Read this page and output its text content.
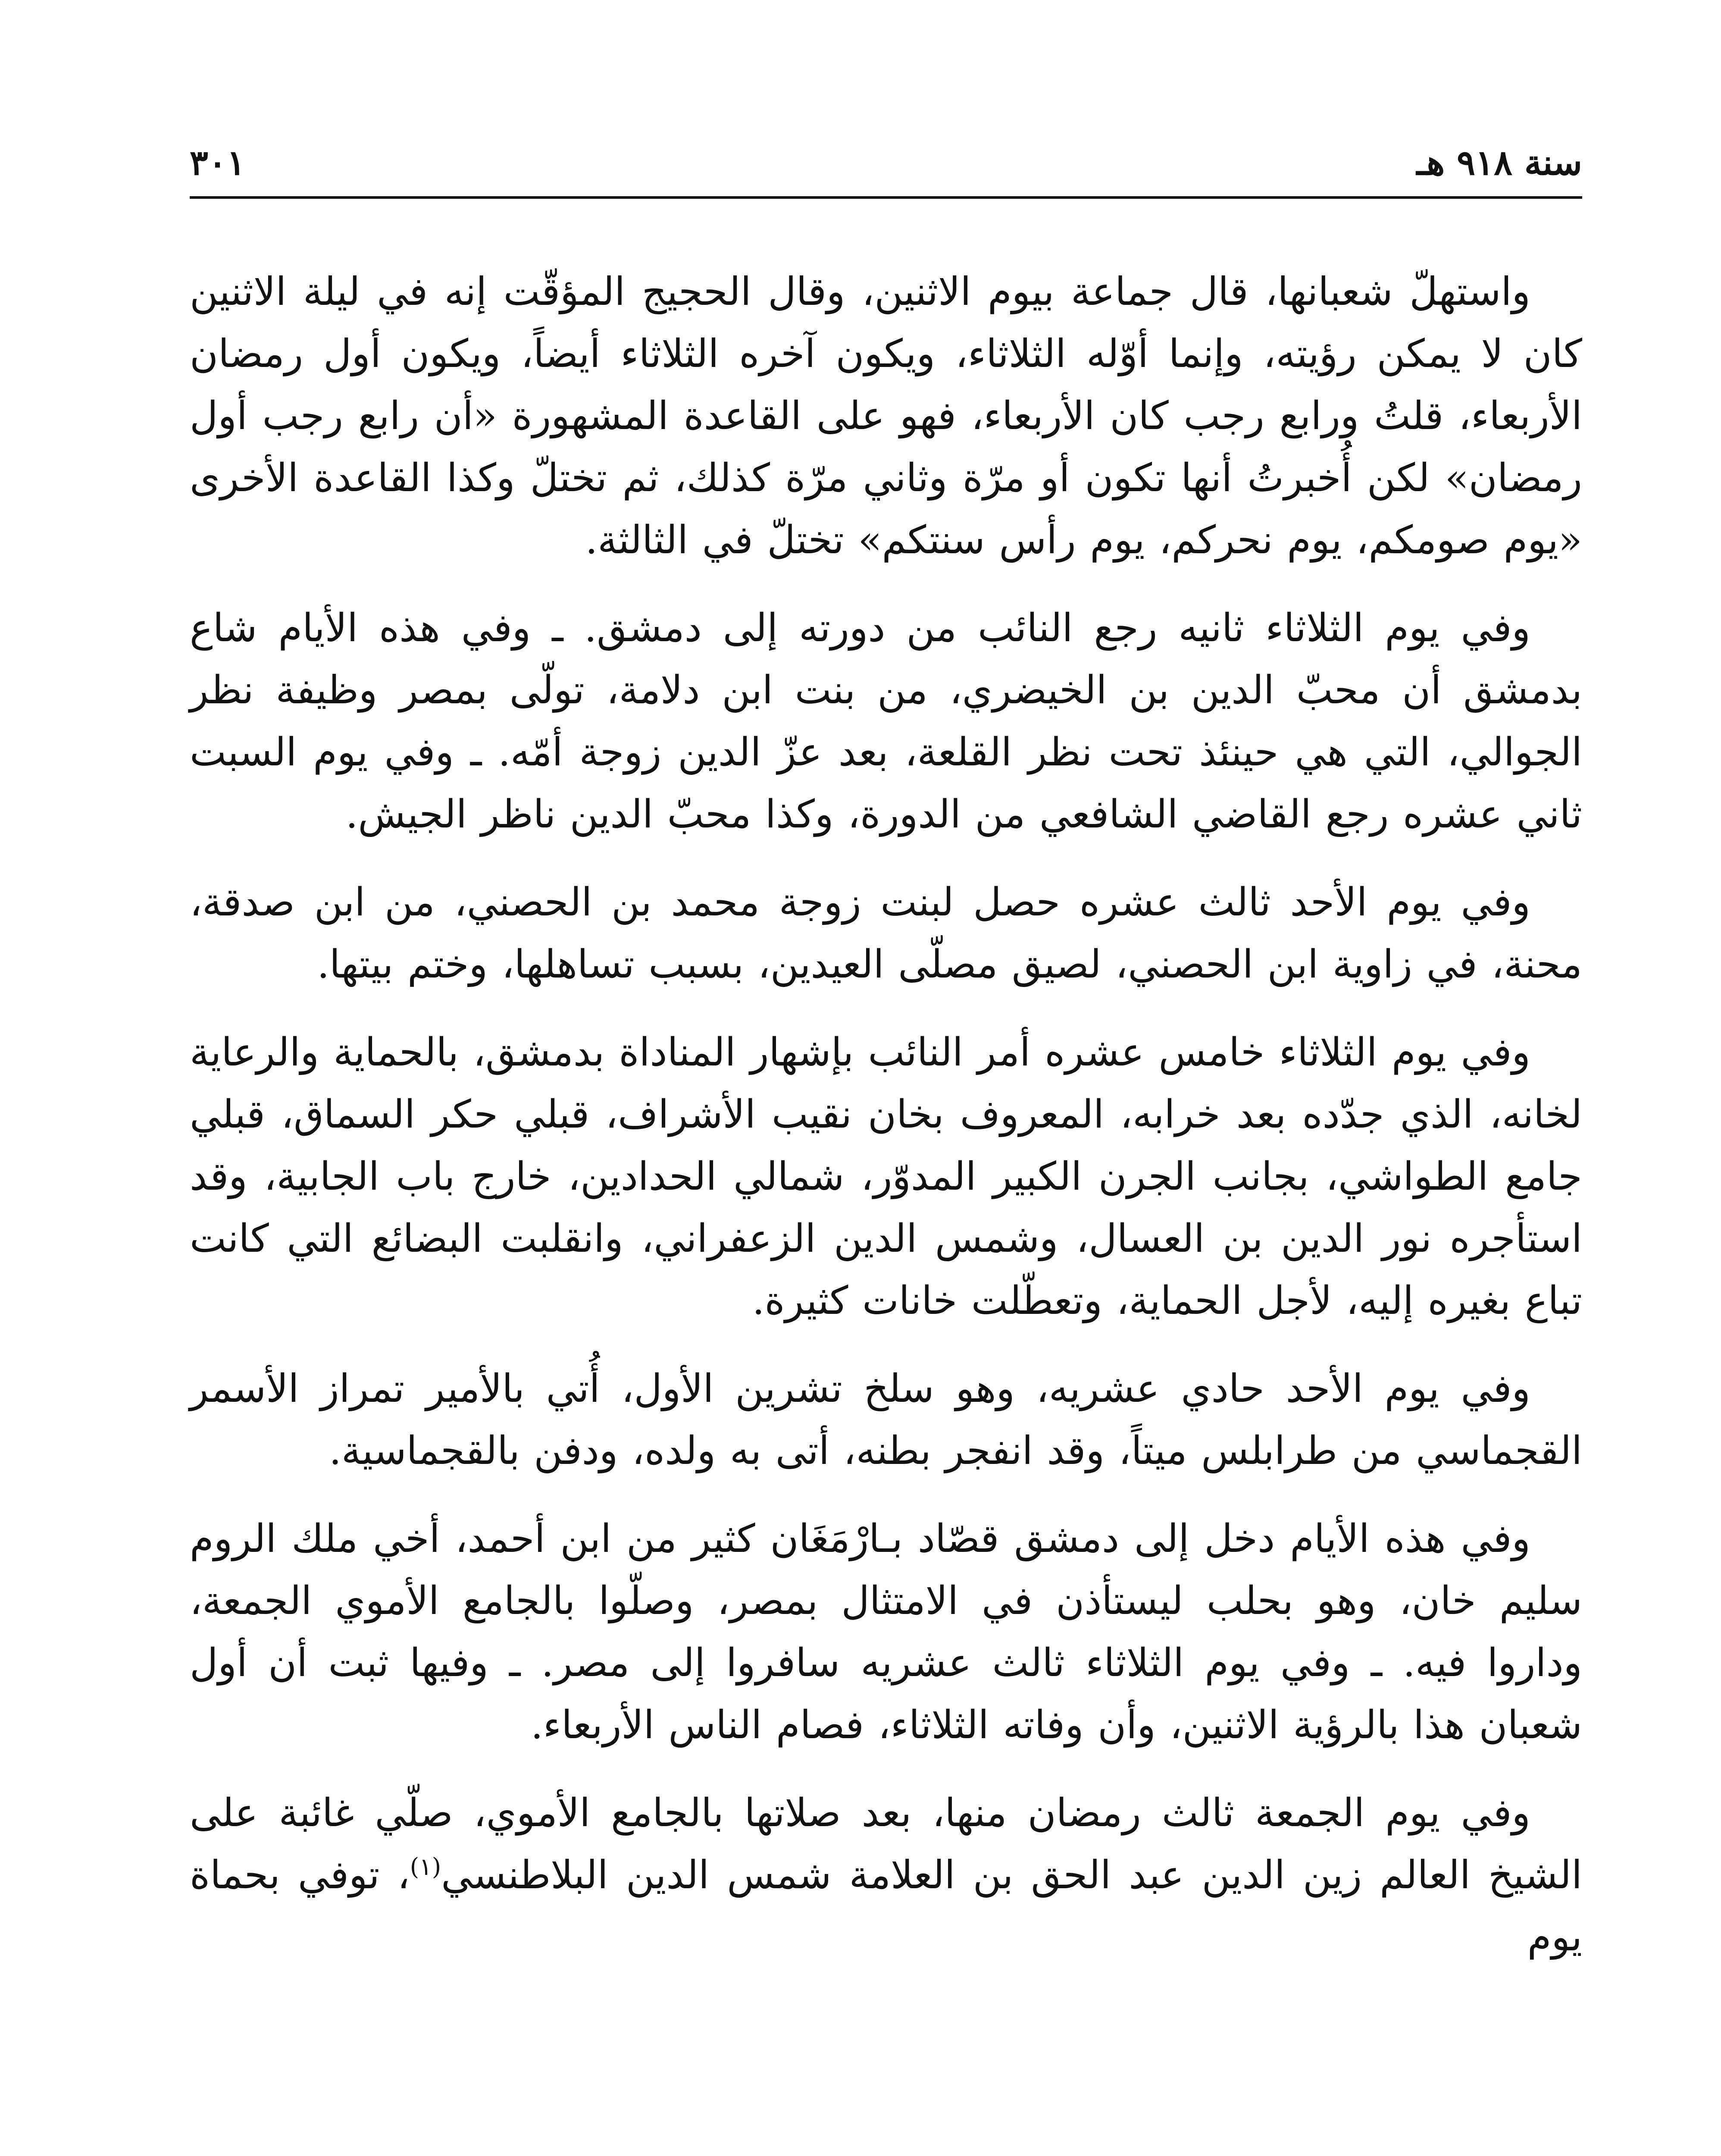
سنة ٩١٨ هـ
٣٠١

واستهلّ شعبانها، قال جماعة بيوم الاثنين، وقال الحجيج المؤقّت إنه في ليلة الاثنين كان لا يمكن رؤيته، وإنما أوّله الثلاثاء، ويكون آخره الثلاثاء أيضاً، ويكون أول رمضان الأربعاء، قلتُ ورابع رجب كان الأربعاء، فهو على القاعدة المشهورة «أن رابع رجب أول رمضان» لكن أُخبرتُ أنها تكون أو مرّة وثاني مرّة كذلك، ثم تختلّ وكذا القاعدة الأخرى «يوم صومكم، يوم نحركم، يوم رأس سنتكم» تختلّ في الثالثة.

وفي يوم الثلاثاء ثانيه رجع النائب من دورته إلى دمشق. ـ وفي هذه الأيام شاع بدمشق أن محبّ الدين بن الخيضري، من بنت ابن دلامة، تولّى بمصر وظيفة نظر الجوالي، التي هي حينئذ تحت نظر القلعة، بعد عزّ الدين زوجة أمّه. ـ وفي يوم السبت ثاني عشره رجع القاضي الشافعي من الدورة، وكذا محبّ الدين ناظر الجيش.

وفي يوم الأحد ثالث عشره حصل لبنت زوجة محمد بن الحصني، من ابن صدقة، محنة، في زاوية ابن الحصني، لصيق مصلّى العيدين، بسبب تساهلها، وختم بيتها.

وفي يوم الثلاثاء خامس عشره أمر النائب بإشهار المناداة بدمشق، بالحماية والرعاية لخانه، الذي جدّده بعد خرابه، المعروف بخان نقيب الأشراف، قبلي حكر السماق، قبلي جامع الطواشي، بجانب الجرن الكبير المدوّر، شمالي الحدادين، خارج باب الجابية، وقد استأجره نور الدين بن العسال، وشمس الدين الزعفراني، وانقلبت البضائع التي كانت تباع بغيره إليه، لأجل الحماية، وتعطّلت خانات كثيرة.

وفي يوم الأحد حادي عشريه، وهو سلخ تشرين الأول، أُتي بالأمير تمراز الأسمر القجماسي من طرابلس ميتاً، وقد انفجر بطنه، أتى به ولده، ودفن بالقجماسية.

وفي هذه الأيام دخل إلى دمشق قصّاد بـارْمَغَان كثير من ابن أحمد، أخي ملك الروم سليم خان، وهو بحلب ليستأذن في الامتثال بمصر، وصلّوا بالجامع الأموي الجمعة، وداروا فيه. ـ وفي يوم الثلاثاء ثالث عشريه سافروا إلى مصر. ـ وفيها ثبت أن أول شعبان هذا بالرؤية الاثنين، وأن وفاته الثلاثاء، فصام الناس الأربعاء.

وفي يوم الجمعة ثالث رمضان منها، بعد صلاتها بالجامع الأموي، صلّي غائبة على الشيخ العالم زين الدين عبد الحق بن العلامة شمس الدين البلاطنسي$^{(١)}$، توفي بحماة يوم
